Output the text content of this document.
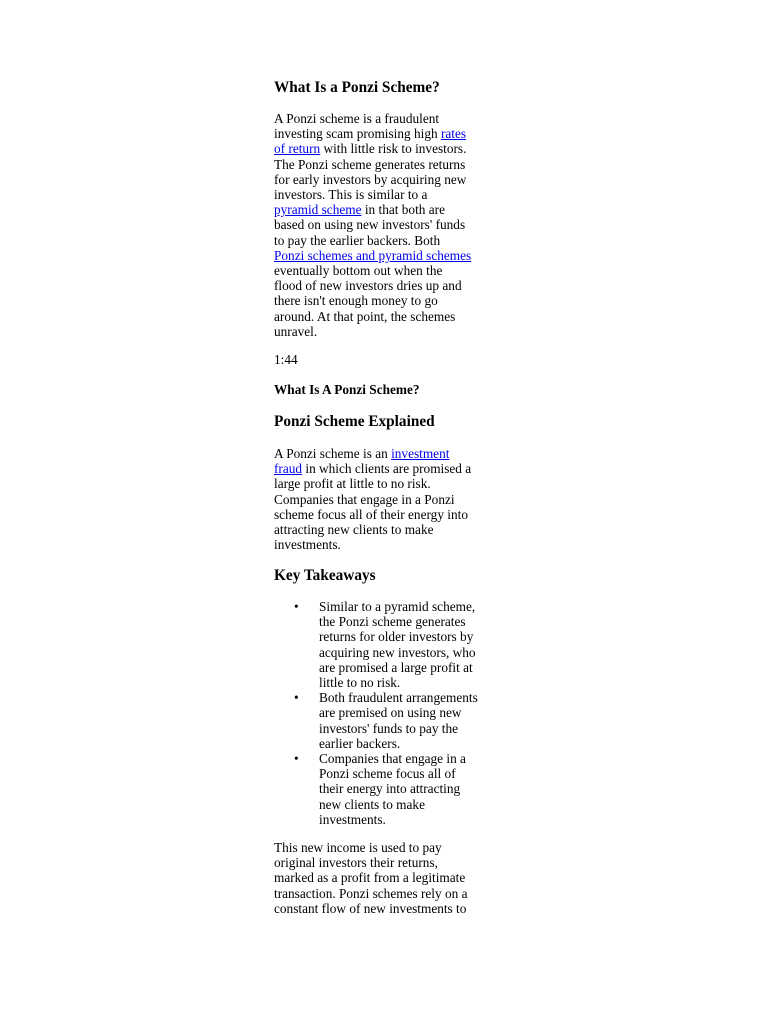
What Is a Ponzi Scheme?

A Ponzi scheme is a fraudulent
investing scam promising high rates
of return with little risk to investors.
The Ponzi scheme generates returns
for early investors by acquiring new
investors. This is similar to a
pyramid scheme in that both are
based on using new investors' funds
to pay the earlier backers. Both
Ponzi schemes and pyramid schemes
eventually bottom out when the
flood of new investors dries up and
there isn't enough money to go
around. At that point, the schemes
unravel.

1:44

What Is A Ponzi Scheme?
Ponzi Scheme Explained

A Ponzi scheme is an investment
fraud in which clients are promised a
large profit at little to no risk.
Companies that engage in a Ponzi
scheme focus all of their energy into
attracting new clients to make
investments.

Key Takeaways
• Similar to a pyramid scheme,
the Ponzi scheme generates
returns for older investors by
acquiring new investors, who
are promised a large profit at
little to no risk.
• Both fraudulent arrangements
are premised on using new
investors' funds to pay the
earlier backers.
• Companies that engage in a
Ponzi scheme focus all of
their energy into attracting
new clients to make
investments.

This new income is used to pay
original investors their returns,
marked as a profit from a legitimate
transaction. Ponzi schemes rely on a
constant flow of new investments to
